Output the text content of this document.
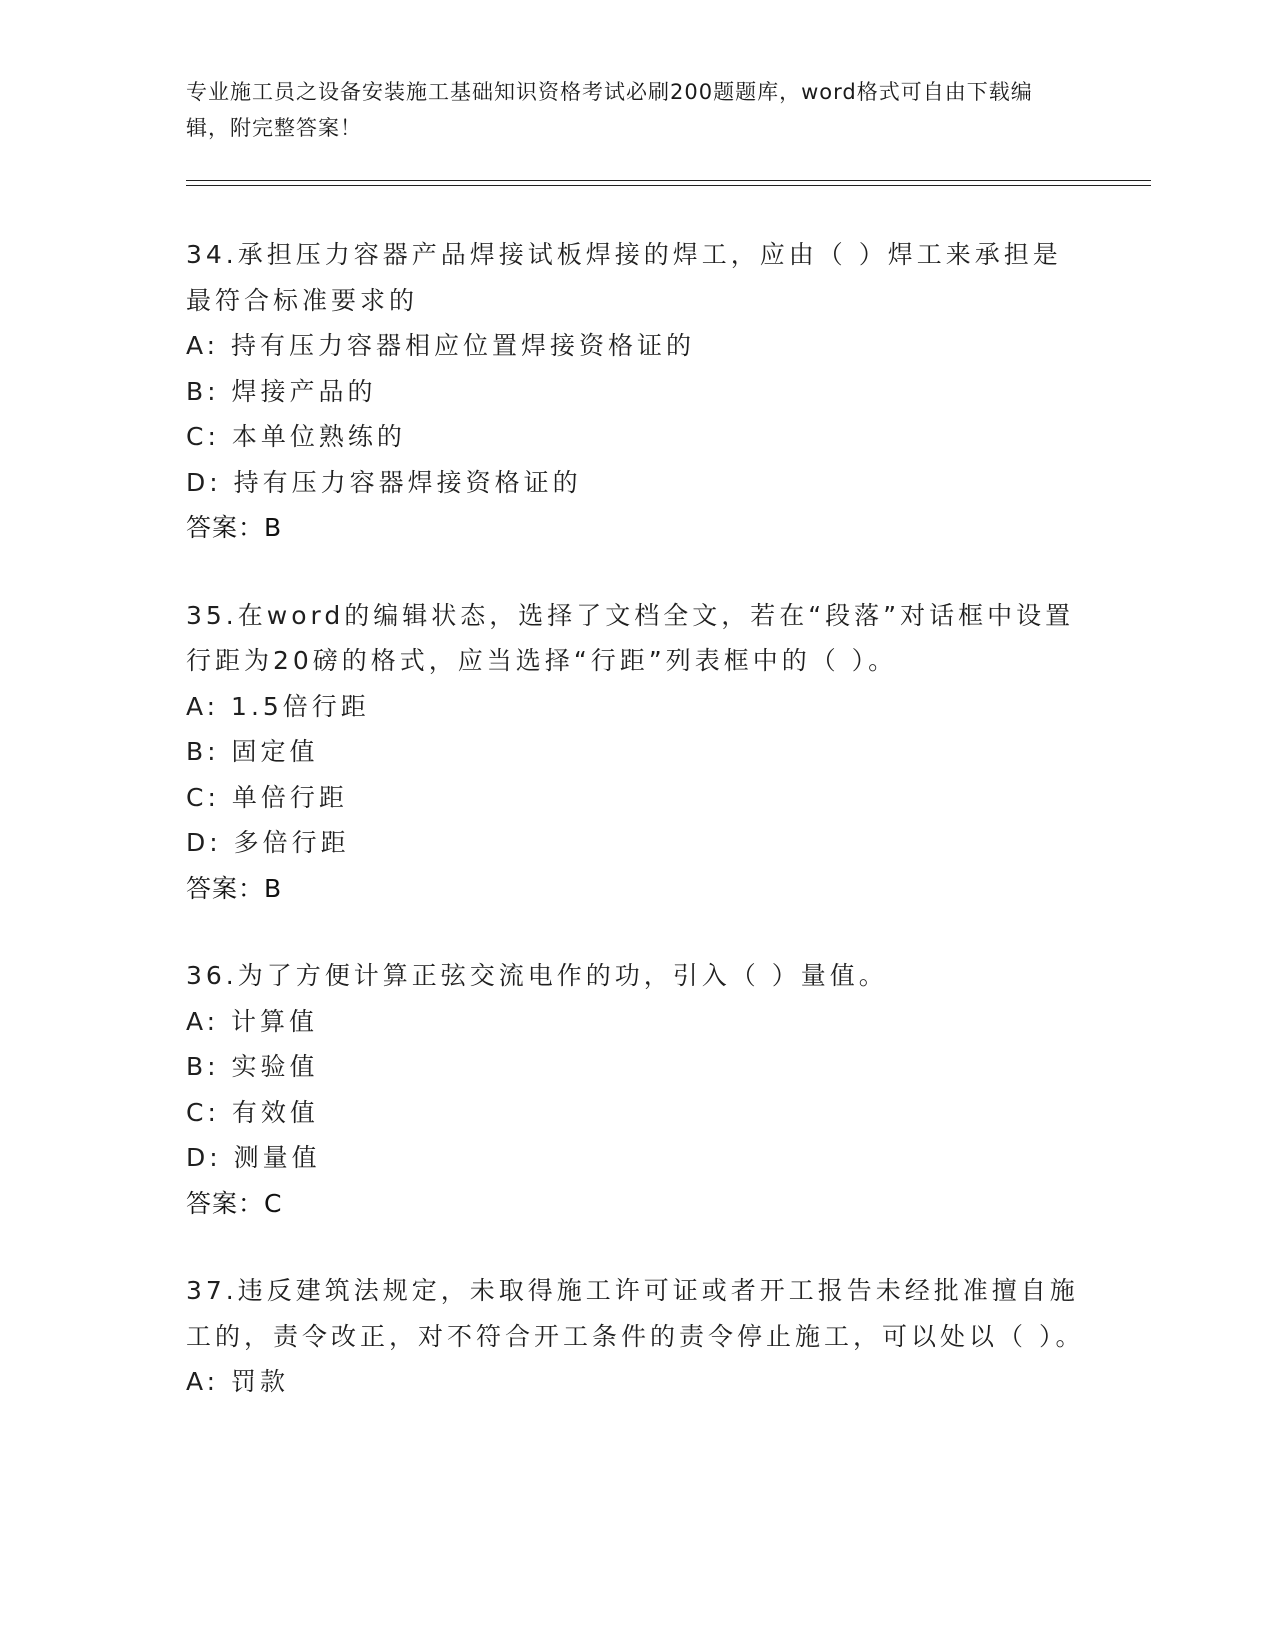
专业施工员之设备安装施工基础知识资格考试必刷200题题库，word格式可自由下载编辑，附完整答案！
34.承担压力容器产品焊接试板焊接的焊工，应由（ ）焊工来承担是最符合标准要求的
A: 持有压力容器相应位置焊接资格证的
B: 焊接产品的
C: 本单位熟练的
D: 持有压力容器焊接资格证的
答案：B
35.在word的编辑状态，选择了文档全文，若在“段落”对话框中设置行距为20磅的格式，应当选择“行距”列表框中的（ ）。
A: 1.5倍行距
B: 固定值
C: 单倍行距
D: 多倍行距
答案：B
36.为了方便计算正弦交流电作的功，引入（ ）量值。
A: 计算值
B: 实验值
C: 有效值
D: 测量值
答案：C
37.违反建筑法规定，未取得施工许可证或者开工报告未经批准擅自施工的，责令改正，对不符合开工条件的责令停止施工，可以处以（ ）。
A: 罚款
